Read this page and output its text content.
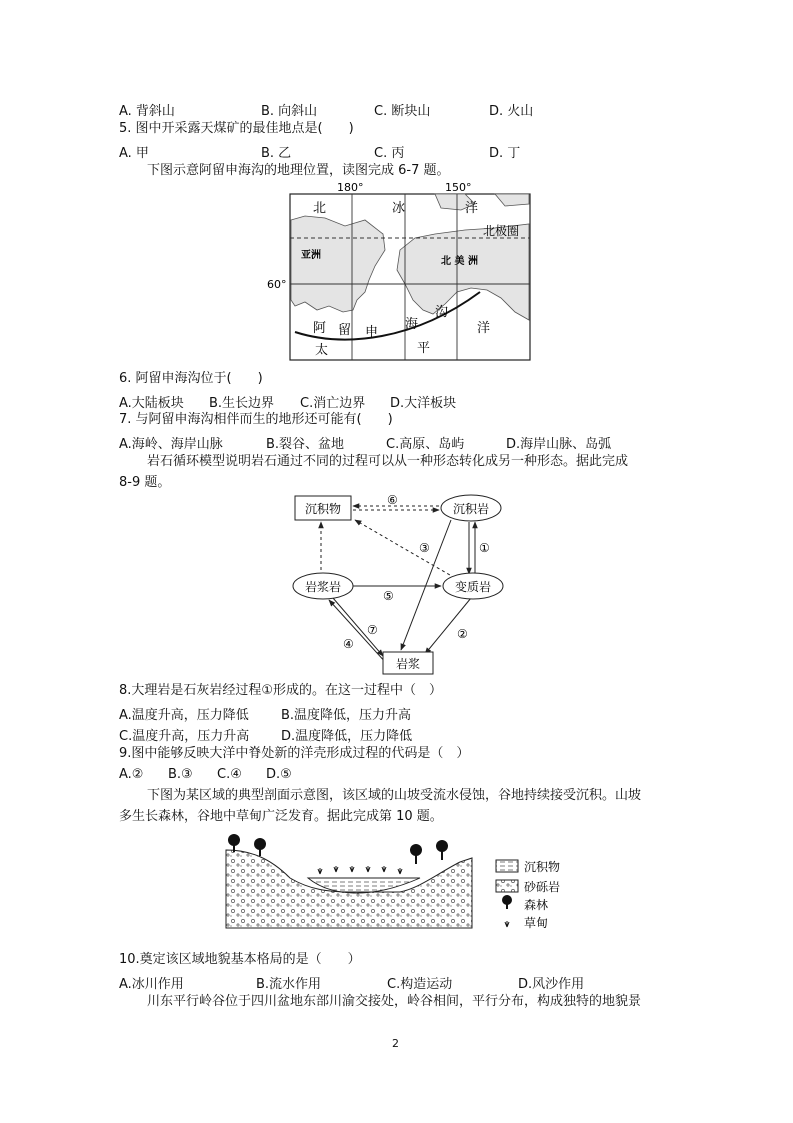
A. 背斜山	B. 向斜山	C. 断块山	D. 火山
5. 图中开采露天煤矿的最佳地点是(　　)
A. 甲	B. 乙	C. 丙	D. 丁
下图示意阿留申海沟的地理位置，读图完成 6-7 题。
180°	150°
60°
北	冰	洋
北极圈
亚洲
北 美 洲
阿 留 申
海
沟
太	平
洋
6. 阿留申海沟位于(　　)
A.大陆板块 B.生长边界 C.消亡边界 D.大洋板块
7. 与阿留申海沟相伴而生的地形还可能有(　　)
A.海岭、海岸山脉	B.裂谷、盆地	C.高原、岛屿	D.海岸山脉、岛弧
岩石循环模型说明岩石通过不同的过程可以从一种形态转化成另一种形态。据此完成
8-9 题。
沉积物	沉积岩
岩浆岩	变质岩
岩浆
⑥
③	①
⑤
⑦
④
②
8.大理岩是石灰岩经过程①形成的。在这一过程中（　）
A.温度升高，压力降低 B.温度降低，压力升高
C.温度升高，压力升高 D.温度降低，压力降低
9.图中能够反映大洋中脊处新的洋壳形成过程的代码是（　）
A.② B.③ C.④ D.⑤
下图为某区域的典型剖面示意图，该区域的山坡受流水侵蚀，谷地持续接受沉积。山坡
多生长森林，谷地中草甸广泛发育。据此完成第 10 题。
沉积物
砂砾岩
森林
草甸
10.奠定该区域地貌基本格局的是（　　）
A.冰川作用	B.流水作用	C.构造运动	D.风沙作用
川东平行岭谷位于四川盆地东部川渝交接处，岭谷相间，平行分布，构成独特的地貌景
2
